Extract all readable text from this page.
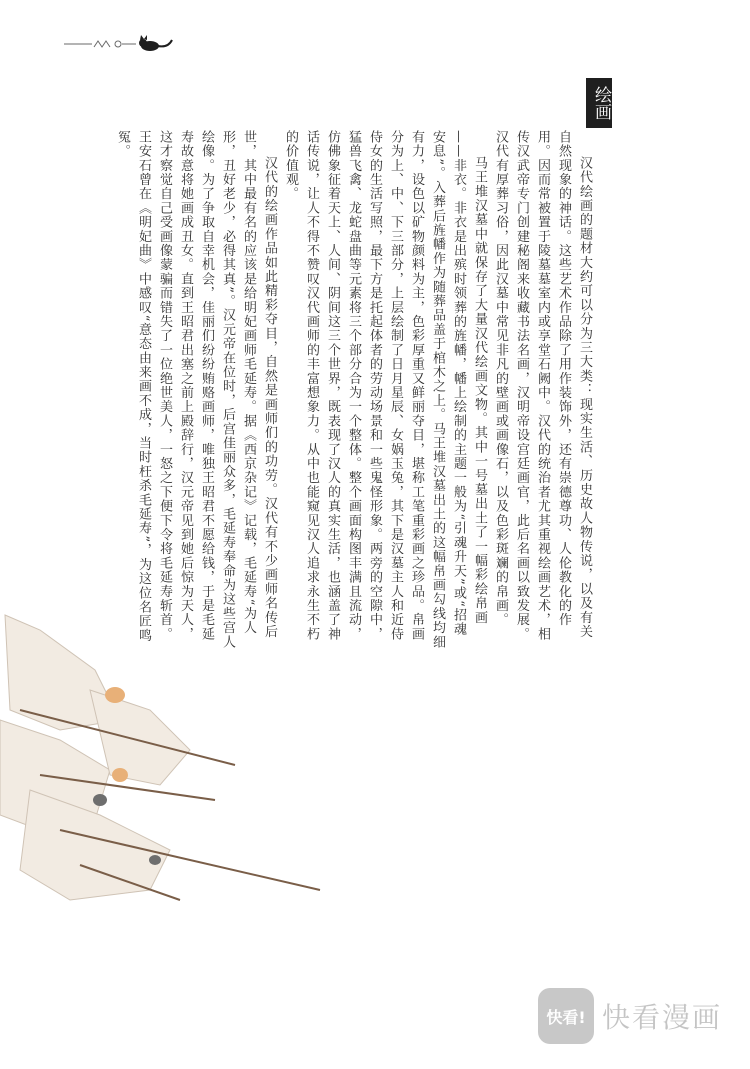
绘画

汉代绘画的题材大约可以分为三大类：现实生活、历史故人物传说，以及有关自然现象的神话。这些艺术作品除了用作装饰外，还有崇德尊功、人伦教化的作用。因而常被置于陵墓墓室内或享堂石阙中。汉代的统治者尤其重视绘画艺术，相传汉武帝专门创建秘阁来收藏书法名画，汉明帝设宫廷画官，此后名画以致发展。汉代有厚葬习俗，因此汉墓中常见非凡的壁画或画像石，以及色彩斑斓的帛画。

马王堆汉墓中就保存了大量汉代绘画文物。其中一号墓出土了一幅彩绘帛画——非衣。非衣是出殡时领葬的旌幡，幡上绘制的主题一般为“引魂升天”或“招魂安息”。入葬后旌幡作为随葬品盖于棺木之上。马王堆汉墓出土的这幅帛画勾线均细有力，设色以矿物颜料为主，色彩厚重又鲜丽夺目，堪称工笔重彩画之珍品。帛画分为上、中、下三部分，上层绘制了日月星辰、女娲玉兔，其下是汉墓主人和近侍侍女的生活写照，最下方是托起体者的劳动场景和一些鬼怪形象。两旁的空隙中，猛兽飞禽、龙蛇盘曲等元素将三个部分合为一个整体。整个画面构图丰满且流动，仿佛象征着天上、人间、阴间这三个世界，既表现了汉人的真实生活，也涵盖了神话传说，让人不得不赞叹汉代画师的丰富想象力。从中也能窥见汉人追求永生不朽的价值观。

汉代的绘画作品如此精彩夺目，自然是画师们的功劳。汉代有不少画师名传后世，其中最有名的应该是给明妃画师毛延寿。据《西京杂记》记载，毛延寿“为人形，丑好老少，必得其真”。汉元帝在位时，后宫佳丽众多，毛延寿奉命为这些宫人绘像。为了争取自幸机会，佳丽们纷纷贿赂画师，唯独王昭君不愿给钱，于是毛延寿故意将她画成丑女。直到王昭君出塞之前上殿辞行，汉元帝见到她后惊为天人，这才察觉自己受画像蒙骗而错失了一位绝世美人，一怒之下便下令将毛延寿斩首。王安石曾在《明妃曲》中感叹“意态由来画不成，当时枉杀毛延寿”，为这位名匠鸣冤。

快看! 快看漫画
